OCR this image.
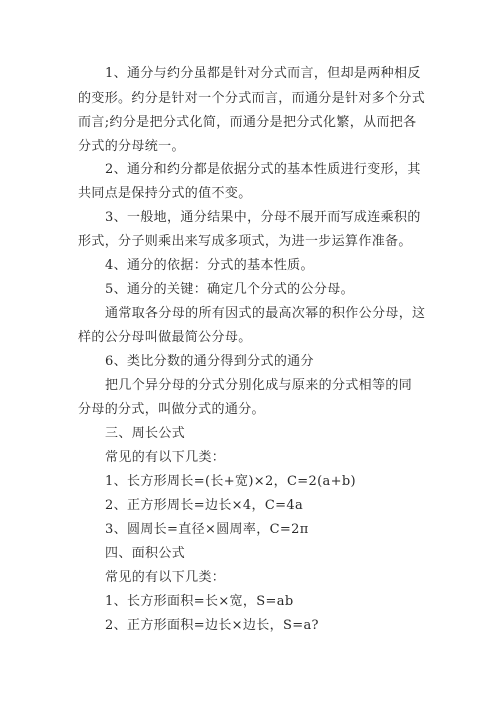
1、通分与约分虽都是针对分式而言，但却是两种相反
的变形。约分是针对一个分式而言，而通分是针对多个分式
而言;约分是把分式化简，而通分是把分式化繁，从而把各
分式的分母统一。
2、通分和约分都是依据分式的基本性质进行变形，其
共同点是保持分式的值不变。
3、一般地，通分结果中，分母不展开而写成连乘积的
形式，分子则乘出来写成多项式，为进一步运算作准备。
4、通分的依据：分式的基本性质。
5、通分的关键：确定几个分式的公分母。
通常取各分母的所有因式的最高次幂的积作公分母，这
样的公分母叫做最简公分母。
6、类比分数的通分得到分式的通分
把几个异分母的分式分别化成与原来的分式相等的同
分母的分式，叫做分式的通分。
三、周长公式
常见的有以下几类：
1、长方形周长=(长+宽)×2，C=2(a+b)
2、正方形周长=边长×4，C=4a
3、圆周长=直径×圆周率，C=2π
四、面积公式
常见的有以下几类：
1、长方形面积=长×宽，S=ab
2、正方形面积=边长×边长，S=a?
